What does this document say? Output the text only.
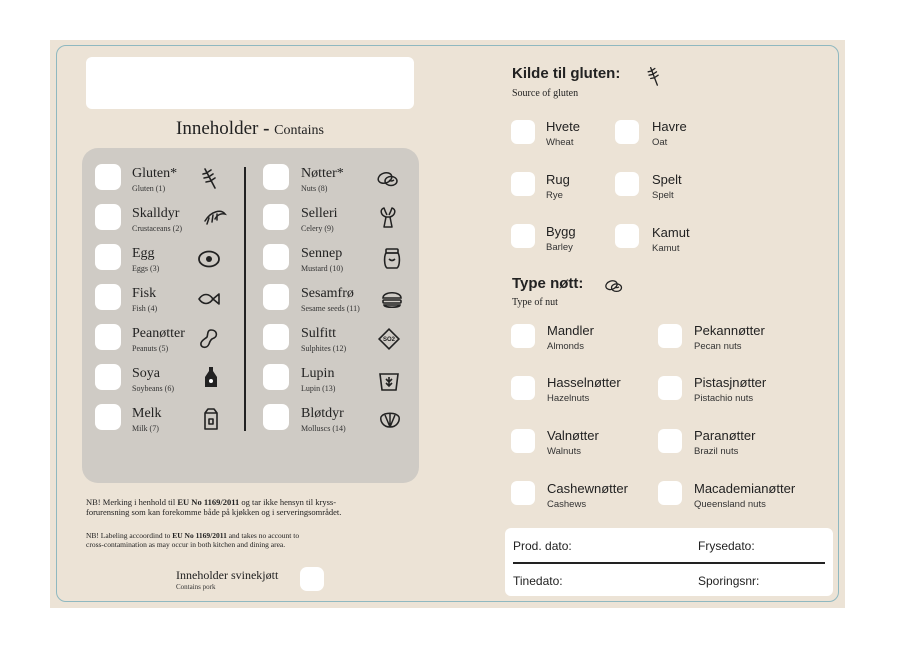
Inneholder - Contains
Gluten*
Gluten (1)
Skalldyr
Crustaceans (2)
Egg
Eggs (3)
Fisk
Fish (4)
Peanøtter
Peanuts (5)
Soya
Soybeans (6)
Melk
Milk (7)
Nøtter*
Nuts (8)
Selleri
Celery (9)
Sennep
Mustard (10)
Sesamfrø
Sesame seeds (11)
Sulfitt
Sulphites (12)
SO2
Lupin
Lupin (13)
Bløtdyr
Molluscs (14)
NB! Merking i henhold til EU No 1169/2011 og tar ikke hensyn til kryss-
forurensning som kan forekomme både på kjøkken og i serveringsområdet.
NB! Labeling accoordind to EU No 1169/2011 and takes no account to
cross-contamination as may occur in both kitchen and dining area.
Inneholder svinekjøtt
Contains pork
Kilde til gluten:
Source of gluten
Hvete
Wheat
Havre
Oat
Rug
Rye
Spelt
Spelt
Bygg
Barley
Kamut
Kamut
Type nøtt:
Type of nut
Mandler
Almonds
Pekannøtter
Pecan nuts
Hasselnøtter
Hazelnuts
Pistasjnøtter
Pistachio nuts
Valnøtter
Walnuts
Paranøtter
Brazil nuts
Cashewnøtter
Cashews
Macademianøtter
Queensland nuts
Prod. dato:	Frysedato:
Tinedato:	Sporingsnr:
